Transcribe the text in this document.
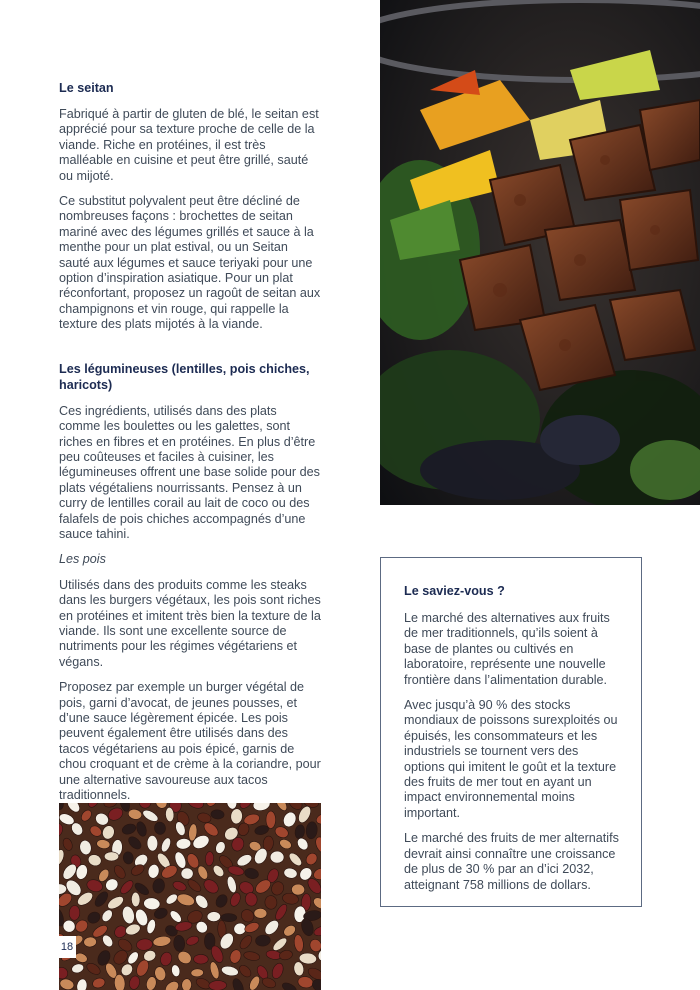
Le seitan

Fabriqué à partir de gluten de blé, le seitan est apprécié pour sa texture proche de celle de la viande. Riche en protéines, il est très malléable en cuisine et peut être grillé, sauté ou mijoté.

Ce substitut polyvalent peut être décliné de nombreuses façons : brochettes de seitan mariné avec des légumes grillés et sauce à la menthe pour un plat estival, ou un Seitan sauté aux légumes et sauce teriyaki pour une option d’inspiration asiatique. Pour un plat réconfortant, proposez un ragoût de seitan aux champignons et vin rouge, qui rappelle la texture des plats mijotés à la viande.

Les légumineuses (lentilles, pois chiches, haricots)

Ces ingrédients, utilisés dans des plats comme les boulettes ou les galettes, sont riches en fibres et en protéines. En plus d’être peu coûteuses et faciles à cuisiner, les légumineuses offrent une base solide pour des plats végétaliens nourrissants. Pensez à un curry de lentilles corail au lait de coco ou des falafels de pois chiches accompagnés d’une sauce tahini.

Les pois

Utilisés dans des produits comme les steaks dans les burgers végétaux, les pois sont riches en protéines et imitent très bien la texture de la viande. Ils sont une excellente source de nutriments pour les régimes végétariens et végans.

Proposez par exemple un burger végétal de pois, garni d’avocat, de jeunes pousses, et d’une sauce légèrement épicée. Les pois peuvent également être utilisés dans des tacos végétariens au pois épicé, garnis de chou croquant et de crème à la coriandre, pour une alternative savoureuse aux tacos traditionnels.

Le saviez-vous ?

Le marché des alternatives aux fruits de mer traditionnels, qu’ils soient à base de plantes ou cultivés en laboratoire, représente une nouvelle frontière dans l’alimentation durable.

Avec jusqu’à 90 % des stocks mondiaux de poissons surexploités ou épuisés, les consommateurs et les industriels se tournent vers des options qui imitent le goût et la texture des fruits de mer tout en ayant un impact environnemental moins important.

Le marché des fruits de mer alternatifs devrait ainsi connaître une croissance de plus de 30 % par an d’ici 2032, atteignant 758 millions de dollars.

18
